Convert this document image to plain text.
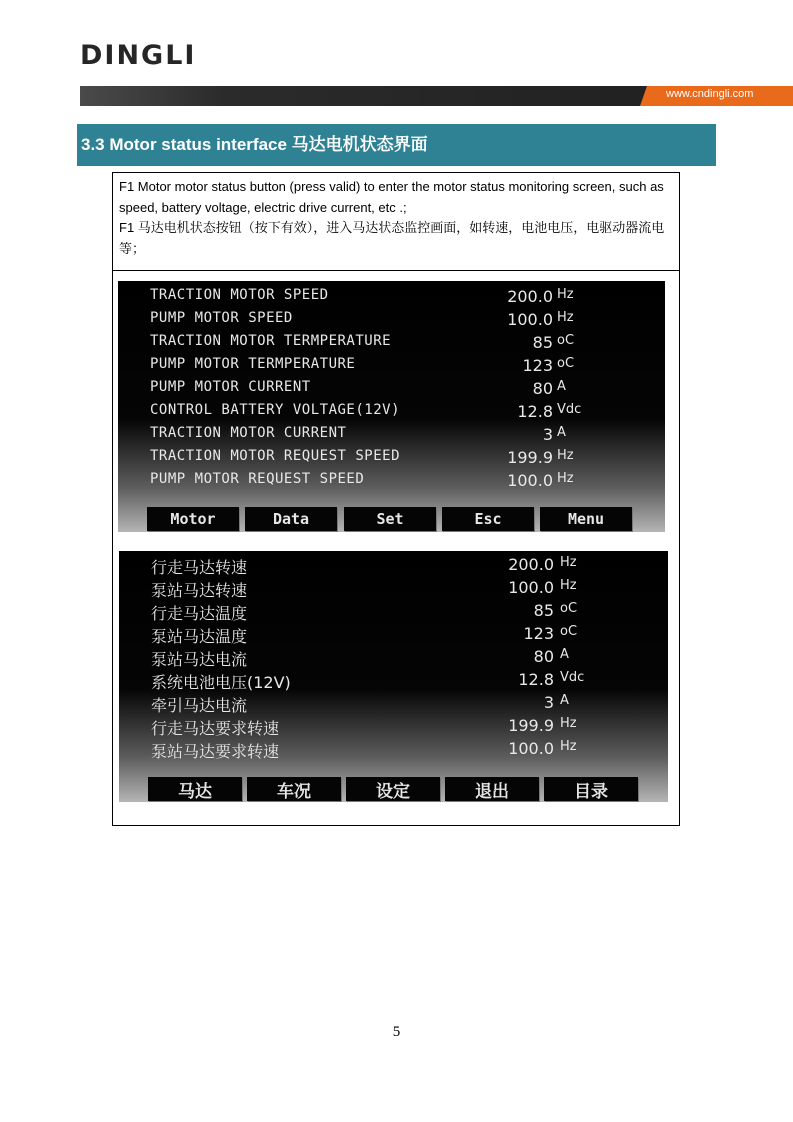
DINGLI
www.cndingli.com
3.3 Motor status interface 马达电机状态界面
F1 Motor motor status button (press valid) to enter the motor status monitoring screen, such as speed, battery voltage, electric drive current, etc .;
F1 马达电机状态按钮（按下有效），进入马达状态监控画面，如转速，电池电压，电驱动器流电等；
TRACTION MOTOR SPEED	200.0 Hz
PUMP MOTOR SPEED	100.0 Hz
TRACTION MOTOR TERMPERATURE	85 oC
PUMP MOTOR TERMPERATURE	123 oC
PUMP MOTOR CURRENT	80 A
CONTROL BATTERY VOLTAGE(12V)	12.8 Vdc
TRACTION MOTOR CURRENT	3 A
TRACTION MOTOR REQUEST SPEED	199.9 Hz
PUMP MOTOR REQUEST SPEED	100.0 Hz
Motor	Data	Set	Esc	Menu
行走马达转速	200.0 Hz
泵站马达转速	100.0 Hz
行走马达温度	85 oC
泵站马达温度	123 oC
泵站马达电流	80 A
系统电池电压(12V)	12.8 Vdc
牵引马达电流	3 A
行走马达要求转速	199.9 Hz
泵站马达要求转速	100.0 Hz
马达	车况	设定	退出	目录
5
